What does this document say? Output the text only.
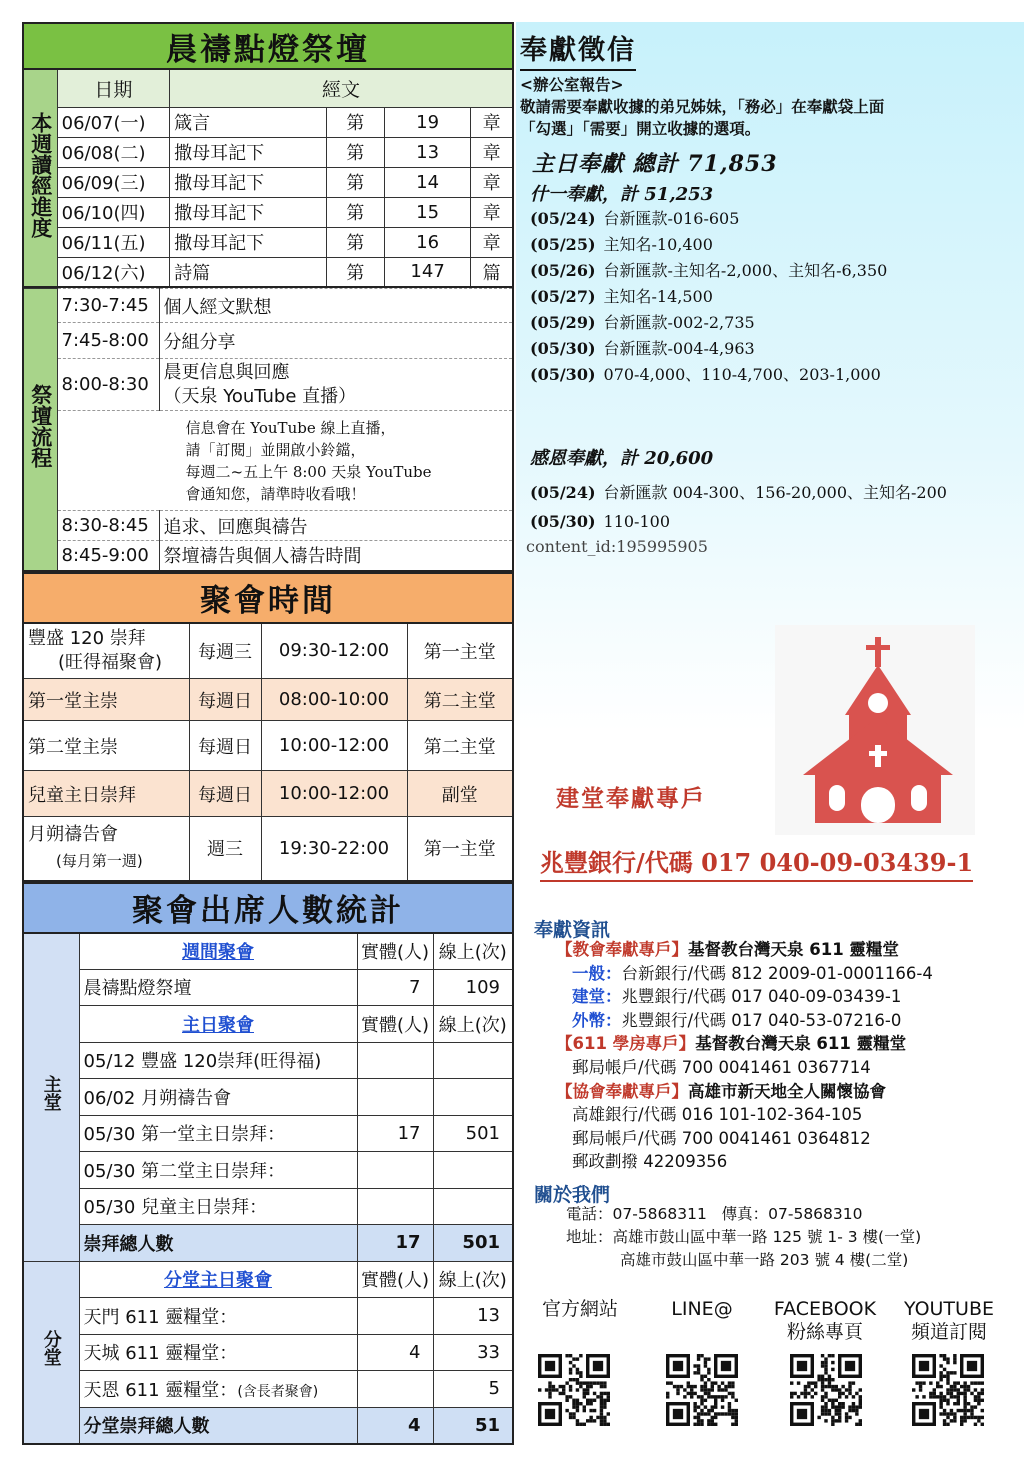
晨禱點燈祭壇
本週讀經進度	日期	經文			
	06/07(一)	箴言	第	19	章
	06/08(二)	撒母耳記下	第	13	章
	06/09(三)	撒母耳記下	第	14	章
	06/10(四)	撒母耳記下	第	15	章
	06/11(五)	撒母耳記下	第	16	章
	06/12(六)	詩篇	第	147	篇
祭壇流程	7:30-7:45	個人經文默想
	7:45-8:00	分組分享
	8:00-8:30	晨更信息與回應
（天泉 YouTube 直播）

	信息會在 YouTube 線上直播，
請「訂閱」並開啟小鈴鐺，
每週二~五上午 8:00 天泉 YouTube
會通知您，請準時收看哦！	

	8:30-8:45	追求、回應與禱告
	8:45-9:00	祭壇禱告與個人禱告時間
聚會時間
豐盛 120 崇拜
(旺得福聚會)	每週三	09:30-12:00	第一主堂
第一堂主崇	每週日	08:00-10:00	第二主堂
第二堂主崇	每週日	10:00-12:00	第二主堂
兒童主日崇拜	每週日	10:00-12:00	副堂

月朔禱告會
(每月第一週)	週三	19:30-22:00	第一主堂
聚會出席人數統計
主堂	週間聚會	實體(人)	線上(次)
	晨禱點燈祭壇	7	109
	主日聚會	實體(人)	線上(次)
	05/12 豐盛 120崇拜(旺得福)		
	06/02 月朔禱告會		
	05/30 第一堂主日崇拜：	17	501
	05/30 第二堂主日崇拜：		
	05/30 兒童主日崇拜：		
	崇拜總人數	17	501
分堂	分堂主日聚會	實體(人)	線上(次)
	天門 611 靈糧堂：		13
	天城 611 靈糧堂：	4	33
	天恩 611 靈糧堂：(含長者聚會)		5
	分堂崇拜總人數	4	51
奉獻徵信
<辦公室報告>
敬請需要奉獻收據的弟兄姊妹，「務必」在奉獻袋上面
「勾選」「需要」開立收據的選項。
主日奉獻 總計 71,853
什一奉獻，計 51,253
(05/24) 台新匯款-016-605
(05/25) 主知名-10,400
(05/26) 台新匯款-主知名-2,000、主知名-6,350
(05/27) 主知名-14,500
(05/29) 台新匯款-002-2,735
(05/30) 台新匯款-004-4,963
(05/30) 070-4,000、110-4,700、203-1,000
感恩奉獻，計 20,600
(05/24) 台新匯款 004-300、156-20,000、主知名-200
(05/30) 110-100
content_id:195995905
建堂奉獻專戶
兆豐銀行/代碼 017 040-09-03439-1
奉獻資訊
【教會奉獻專戶】基督教台灣天泉 611 靈糧堂
一般：台新銀行/代碼 812 2009-01-0001166-4
建堂：兆豐銀行/代碼 017 040-09-03439-1
外幣：兆豐銀行/代碼 017 040-53-07216-0
【611 學房專戶】基督教台灣天泉 611 靈糧堂
郵局帳戶/代碼 700 0041461 0367714
【協會奉獻專戶】高雄市新天地全人關懷協會
高雄銀行/代碼 016 101-102-364-105
郵局帳戶/代碼 700 0041461 0364812
郵政劃撥 42209356
關於我們
電話：07-5868311 傳真：07-5868310
地址：高雄市鼓山區中華一路 125 號 1- 3 樓(一堂)
高雄市鼓山區中華一路 203 號 4 樓(二堂)
官方網站	LINE@	FACEBOOK
粉絲專頁
YOUTUBE
頻道訂閱
